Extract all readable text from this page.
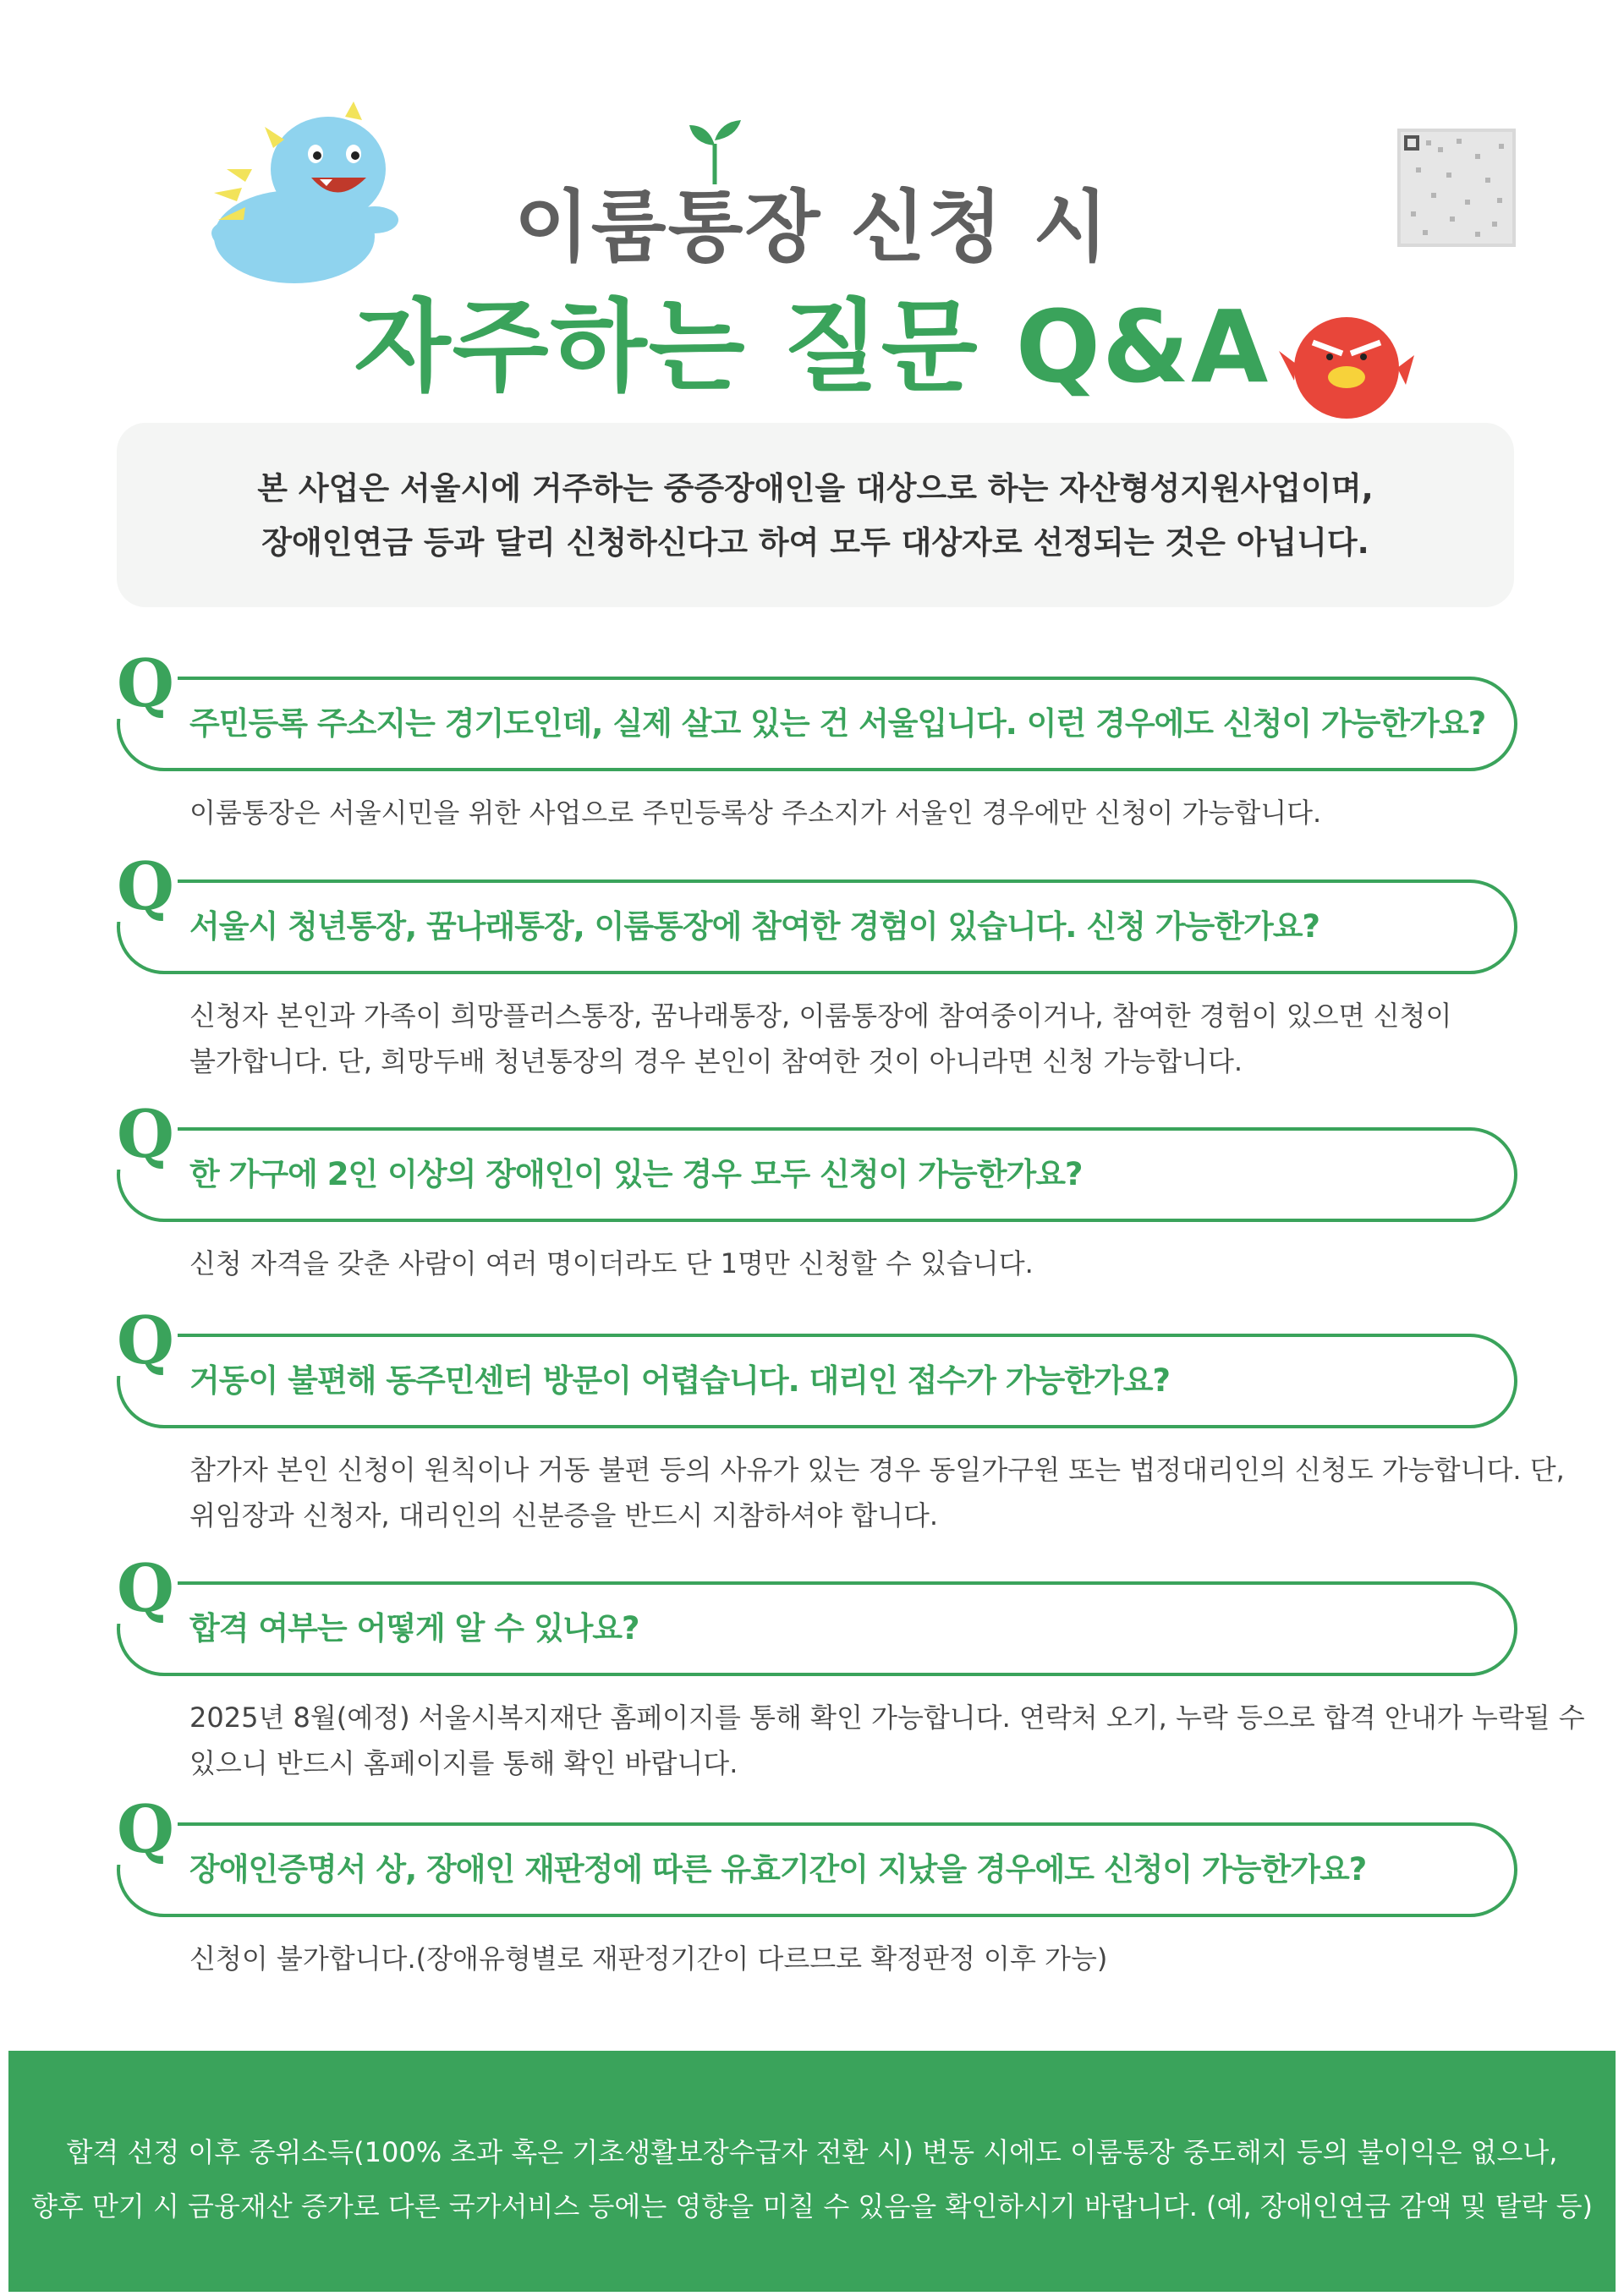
이룸통장 신청 시
자주하는 질문 Q&A
본 사업은 서울시에 거주하는 중증장애인을 대상으로 하는 자산형성지원사업이며,
장애인연금 등과 달리 신청하신다고 하여 모두 대상자로 선정되는 것은 아닙니다.
Q
주민등록 주소지는 경기도인데, 실제 살고 있는 건 서울입니다. 이런 경우에도 신청이 가능한가요?
이룸통장은 서울시민을 위한 사업으로 주민등록상 주소지가 서울인 경우에만 신청이 가능합니다.
Q
서울시 청년통장, 꿈나래통장, 이룸통장에 참여한 경험이 있습니다. 신청 가능한가요?
신청자 본인과 가족이 희망플러스통장, 꿈나래통장, 이룸통장에 참여중이거나, 참여한 경험이 있으면 신청이
불가합니다. 단, 희망두배 청년통장의 경우 본인이 참여한 것이 아니라면 신청 가능합니다.
Q
한 가구에 2인 이상의 장애인이 있는 경우 모두 신청이 가능한가요?
신청 자격을 갖춘 사람이 여러 명이더라도 단 1명만 신청할 수 있습니다.
Q
거동이 불편해 동주민센터 방문이 어렵습니다. 대리인 접수가 가능한가요?
참가자 본인 신청이 원칙이나 거동 불편 등의 사유가 있는 경우 동일가구원 또는 법정대리인의 신청도 가능합니다. 단,
위임장과 신청자, 대리인의 신분증을 반드시 지참하셔야 합니다.
Q
합격 여부는 어떻게 알 수 있나요?
2025년 8월(예정) 서울시복지재단 홈페이지를 통해 확인 가능합니다. 연락처 오기, 누락 등으로 합격 안내가 누락될 수
있으니 반드시 홈페이지를 통해 확인 바랍니다.
Q
장애인증명서 상, 장애인 재판정에 따른 유효기간이 지났을 경우에도 신청이 가능한가요?
신청이 불가합니다.(장애유형별로 재판정기간이 다르므로 확정판정 이후 가능)
합격 선정 이후 중위소득(100% 초과 혹은 기초생활보장수급자 전환 시) 변동 시에도 이룸통장 중도해지 등의 불이익은 없으나,
향후 만기 시 금융재산 증가로 다른 국가서비스 등에는 영향을 미칠 수 있음을 확인하시기 바랍니다. (예, 장애인연금 감액 및 탈락 등)
